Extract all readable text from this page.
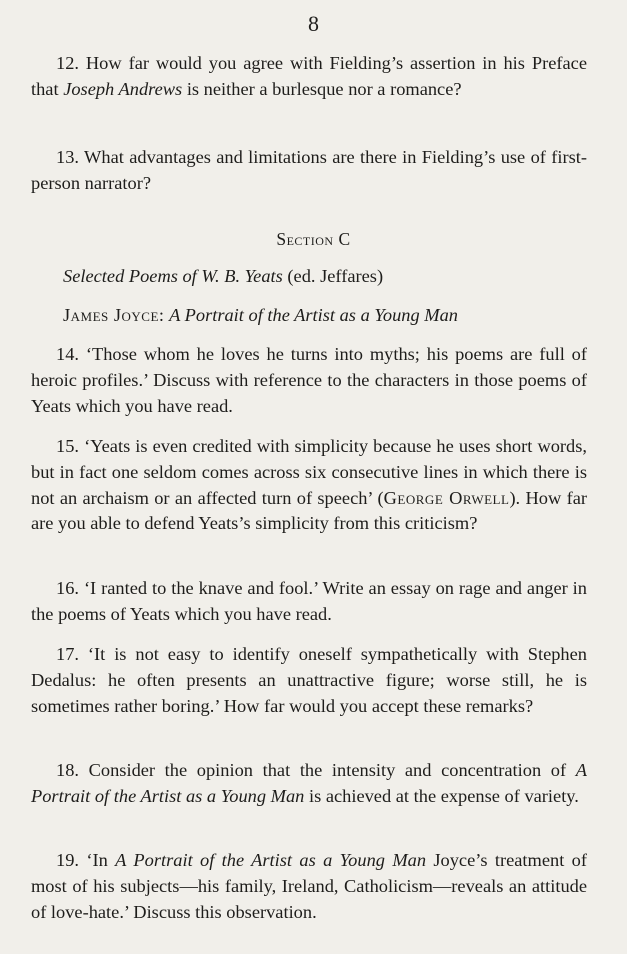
8

12. How far would you agree with Fielding’s assertion in his Preface that Joseph Andrews is neither a burlesque nor a romance?

13. What advantages and limitations are there in Fielding’s use of first-person narrator?

Section C
Selected Poems of W. B. Yeats (ed. Jeffares)
James Joyce: A Portrait of the Artist as a Young Man

14. ‘Those whom he loves he turns into myths; his poems are full of heroic profiles.’ Discuss with reference to the characters in those poems of Yeats which you have read.

15. ‘Yeats is even credited with simplicity because he uses short words, but in fact one seldom comes across six consecutive lines in which there is not an archaism or an affected turn of speech’ (George Orwell). How far are you able to defend Yeats’s simplicity from this criticism?

16. ‘I ranted to the knave and fool.’ Write an essay on rage and anger in the poems of Yeats which you have read.

17. ‘It is not easy to identify oneself sympathetically with Stephen Dedalus: he often presents an unattractive figure; worse still, he is sometimes rather boring.’ How far would you accept these remarks?

18. Consider the opinion that the intensity and concentration of A Portrait of the Artist as a Young Man is achieved at the expense of variety.

19. ‘In A Portrait of the Artist as a Young Man Joyce’s treatment of most of his subjects—his family, Ireland, Catholicism—reveals an attitude of love-hate.’ Discuss this observation.
